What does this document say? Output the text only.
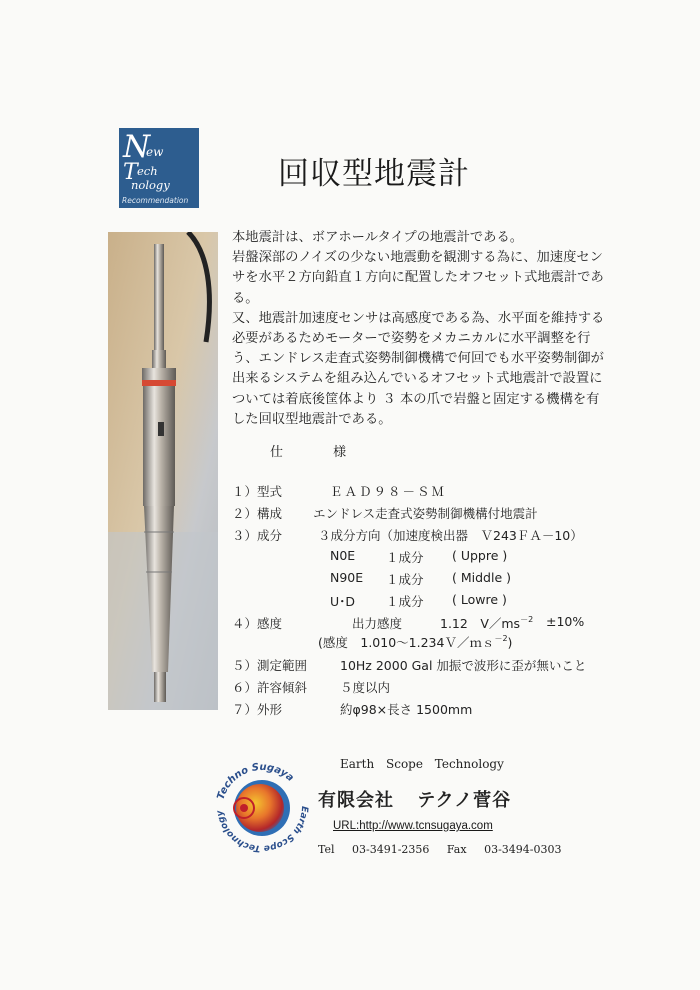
N
ew
T ech
nology
Recommendation
回収型地震計

本地震計は、ボアホールタイプの地震計である。

岩盤深部のノイズの少ない地震動を観測する為に、加速度センサを水平２方向鉛直１方向に配置したオフセット式地震計である。

又、地震計加速度センサは高感度である為、水平面を維持する必要があるためモーターで姿勢をメカニカルに水平調整を行う、エンドレス走査式姿勢制御機構で何回でも水平姿勢制御が出来るシステムを組み込んでいるオフセット式地震計で設置については着底後筐体より ３ 本の爪で岩盤と固定する機構を有した回収型地震計である。

仕 様
１）型式	ＥＡＤ９８－ＳＭ
２）構成 エンドレス走査式姿勢制御機構付地震計
３）成分	３成分方向（加速度検出器　Ｖ243ＦＡ－10）
N0E １成分 ( Uppre )
N90E １成分 ( Middle )
U･D １成分 ( Lowre )
４）感度	出力感度	1.12　$V/ms^{-2} \pm 10\%$
(感度　1.010～1.234Ｖ／ｍｓ$^{-2}$)
５）測定範囲	10Hz 2000 Gal 加振で波形に歪が無いこと
６）許容傾斜	５度以内
７）外形	約φ98×長さ 1500mm
Techno Sugaya
Earth Scope Technology
Earth Scope Technology
有限会社 テクノ菅谷
URL:http://www.tcnsugaya.com
Tel 03-3491-2356 Fax 03-3494-0303
